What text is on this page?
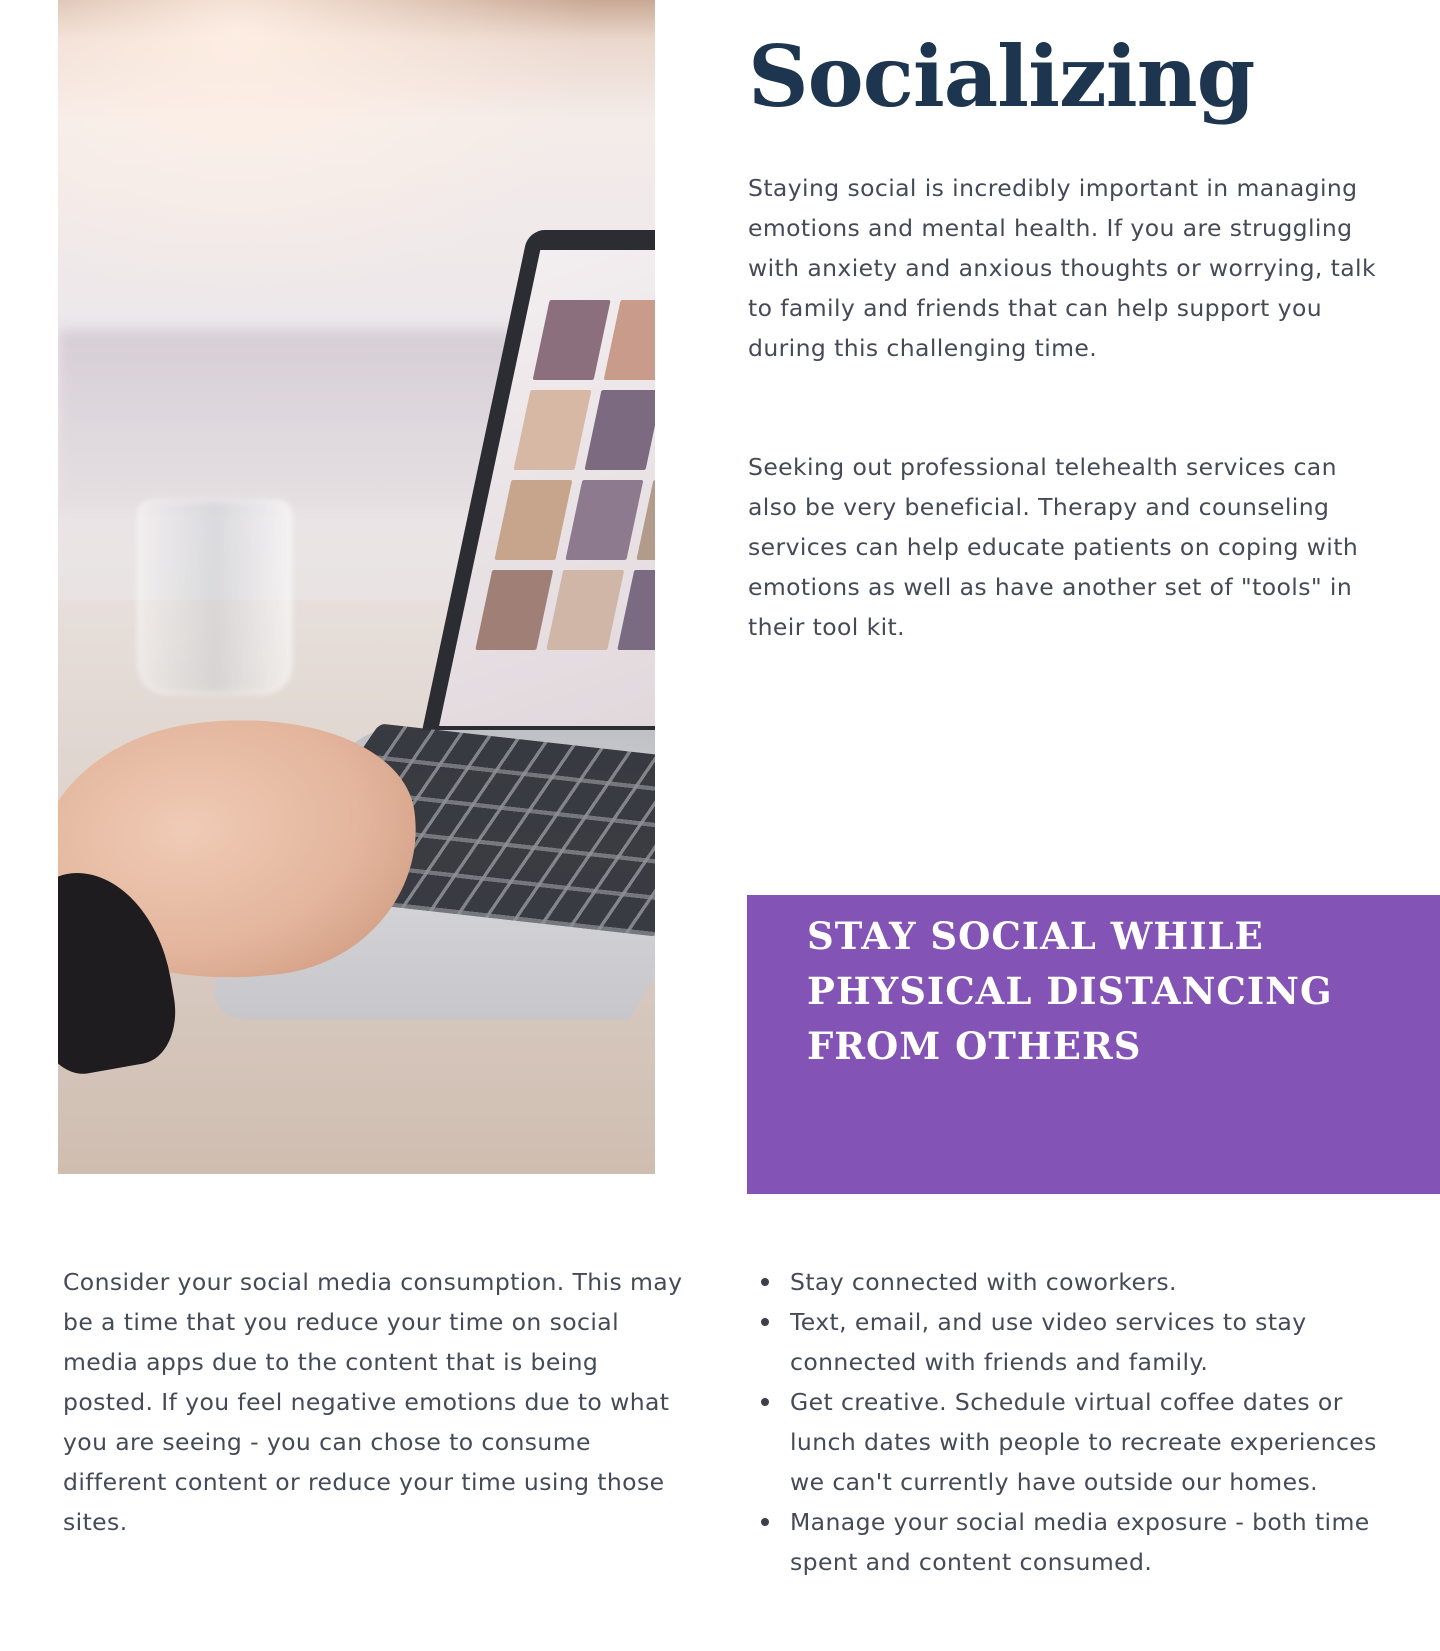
Socializing

Staying social is incredibly important in managing emotions and mental health. If you are struggling with anxiety and anxious thoughts or worrying, talk to family and friends that can help support you during this challenging time.

Seeking out professional telehealth services can also be very beneficial. Therapy and counseling services can help educate patients on coping with emotions as well as have another set of "tools" in their tool kit.

STAY SOCIAL WHILE PHYSICAL DISTANCING FROM OTHERS

Consider your social media consumption. This may be a time that you reduce your time on social media apps due to the content that is being posted. If you feel negative emotions due to what you are seeing - you can chose to consume different content or reduce your time using those sites.

Stay connected with coworkers.
Text, email, and use video services to stay connected with friends and family.
Get creative. Schedule virtual coffee dates or lunch dates with people to recreate experiences we can't currently have outside our homes.
Manage your social media exposure - both time spent and content consumed.
